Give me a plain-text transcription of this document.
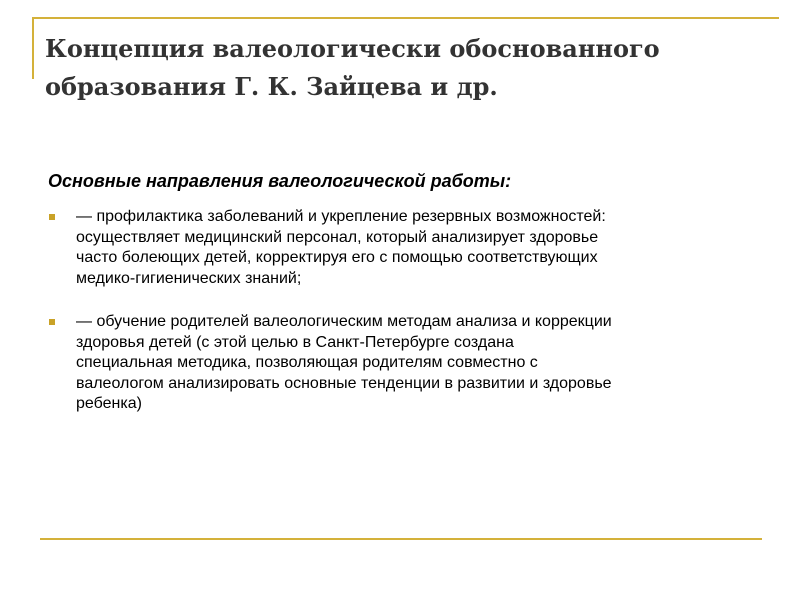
Концепция валеологически обоснованного
образования Г. К. Зайцева и др.

Основные направления валеологической работы:

— профилактика заболеваний и укрепление резервных возможностей:
осуществляет медицинский персонал, который анализирует здоровье
часто болеющих детей, корректируя его с помощью соответствующих
медико-гигиенических знаний;
— обучение родителей валеологическим методам анализа и коррекции
здоровья детей (с этой целью в Санкт-Петербурге создана
специальная методика, позволяющая родителям совместно с
валеологом анализировать основные тенденции в развитии и здоровье
ребенка)
